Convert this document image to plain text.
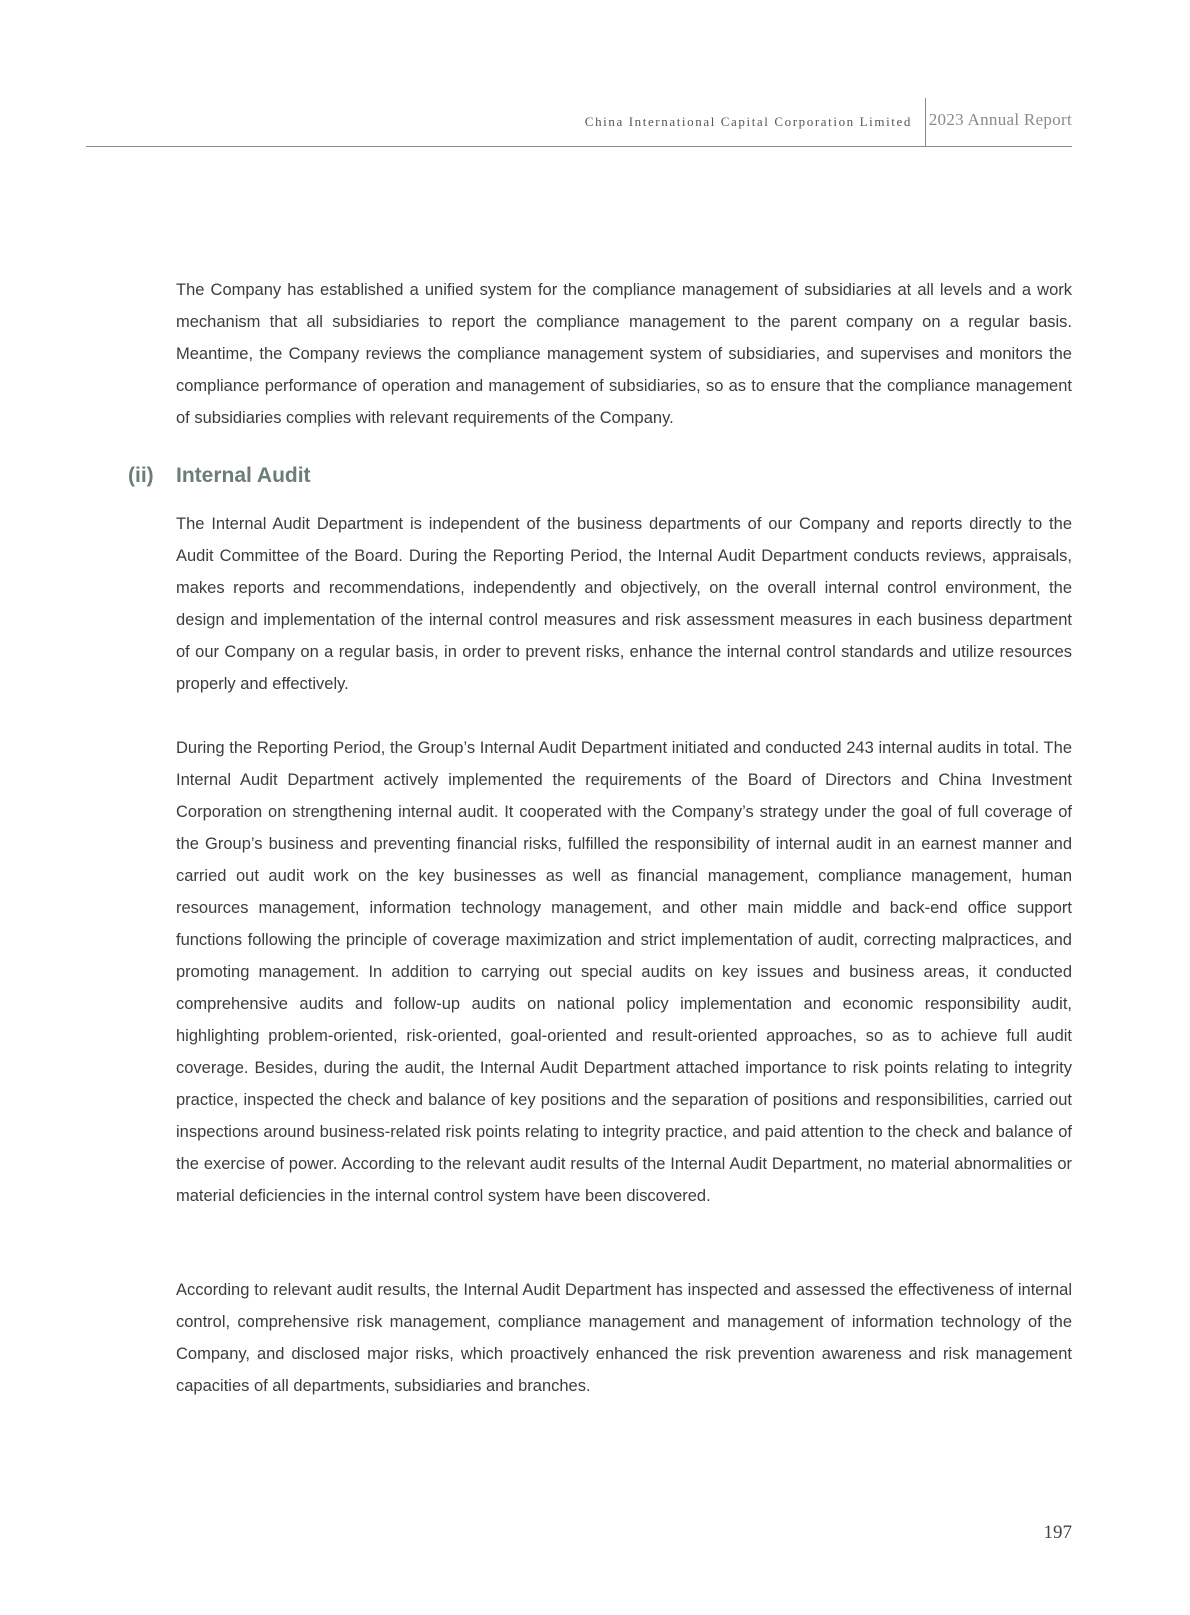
China International Capital Corporation Limited 2023 Annual Report

The Company has established a unified system for the compliance management of subsidiaries at all levels and a work mechanism that all subsidiaries to report the compliance management to the parent company on a regular basis. Meantime, the Company reviews the compliance management system of subsidiaries, and supervises and monitors the compliance performance of operation and management of subsidiaries, so as to ensure that the compliance management of subsidiaries complies with relevant requirements of the Company.

(ii) Internal Audit

The Internal Audit Department is independent of the business departments of our Company and reports directly to the Audit Committee of the Board. During the Reporting Period, the Internal Audit Department conducts reviews, appraisals, makes reports and recommendations, independently and objectively, on the overall internal control environment, the design and implementation of the internal control measures and risk assessment measures in each business department of our Company on a regular basis, in order to prevent risks, enhance the internal control standards and utilize resources properly and effectively.

During the Reporting Period, the Group’s Internal Audit Department initiated and conducted 243 internal audits in total. The Internal Audit Department actively implemented the requirements of the Board of Directors and China Investment Corporation on strengthening internal audit. It cooperated with the Company’s strategy under the goal of full coverage of the Group’s business and preventing financial risks, fulfilled the responsibility of internal audit in an earnest manner and carried out audit work on the key businesses as well as financial management, compliance management, human resources management, information technology management, and other main middle and back-end office support functions following the principle of coverage maximization and strict implementation of audit, correcting malpractices, and promoting management. In addition to carrying out special audits on key issues and business areas, it conducted comprehensive audits and follow-up audits on national policy implementation and economic responsibility audit, highlighting problem-oriented, risk-oriented, goal-oriented and result-oriented approaches, so as to achieve full audit coverage. Besides, during the audit, the Internal Audit Department attached importance to risk points relating to integrity practice, inspected the check and balance of key positions and the separation of positions and responsibilities, carried out inspections around business-related risk points relating to integrity practice, and paid attention to the check and balance of the exercise of power. According to the relevant audit results of the Internal Audit Department, no material abnormalities or material deficiencies in the internal control system have been discovered.

According to relevant audit results, the Internal Audit Department has inspected and assessed the effectiveness of internal control, comprehensive risk management, compliance management and management of information technology of the Company, and disclosed major risks, which proactively enhanced the risk prevention awareness and risk management capacities of all departments, subsidiaries and branches.

197
